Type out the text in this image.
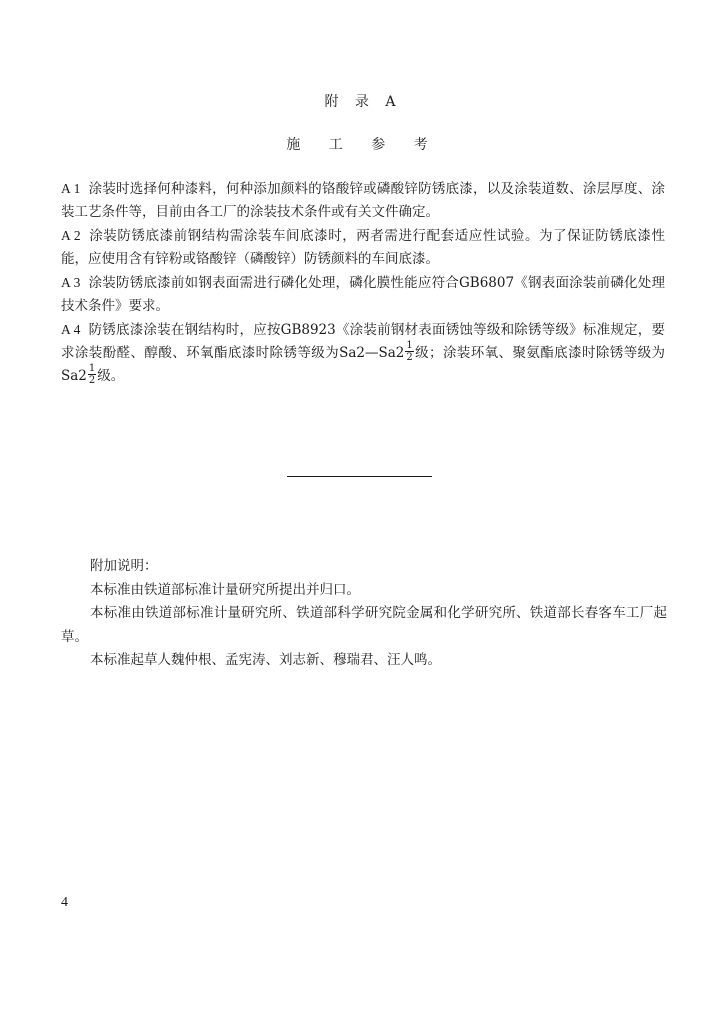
附 录 A
施 工 参 考

A 1 涂装时选择何种漆料，何种添加颜料的铬酸锌或磷酸锌防锈底漆，以及涂装道数、涂层厚度、涂装工艺条件等，目前由各工厂的涂装技术条件或有关文件确定。

A 2 涂装防锈底漆前钢结构需涂装车间底漆时，两者需进行配套适应性试验。为了保证防锈底漆性能，应使用含有锌粉或铬酸锌（磷酸锌）防锈颜料的车间底漆。

A 3 涂装防锈底漆前如钢表面需进行磷化处理，磷化膜性能应符合GB6807《钢表面涂装前磷化处理技术条件》要求。

A 4 防锈底漆涂装在钢结构时，应按GB8923《涂装前钢材表面锈蚀等级和除锈等级》标准规定，要求涂装酚醛、醇酸、环氧酯底漆时除锈等级为Sa2—Sa2 $\frac{1}{2}$ 级；涂装环氧、聚氨酯底漆时除锈等级为$Sa2 \frac{1}{2}$ 级。

附加说明：

本标准由铁道部标准计量研究所提出并归口。

本标准由铁道部标准计量研究所、铁道部科学研究院金属和化学研究所、铁道部长春客车工厂起草。

本标准起草人魏仲根、孟宪涛、刘志新、穆瑞君、汪人鸣。

4
